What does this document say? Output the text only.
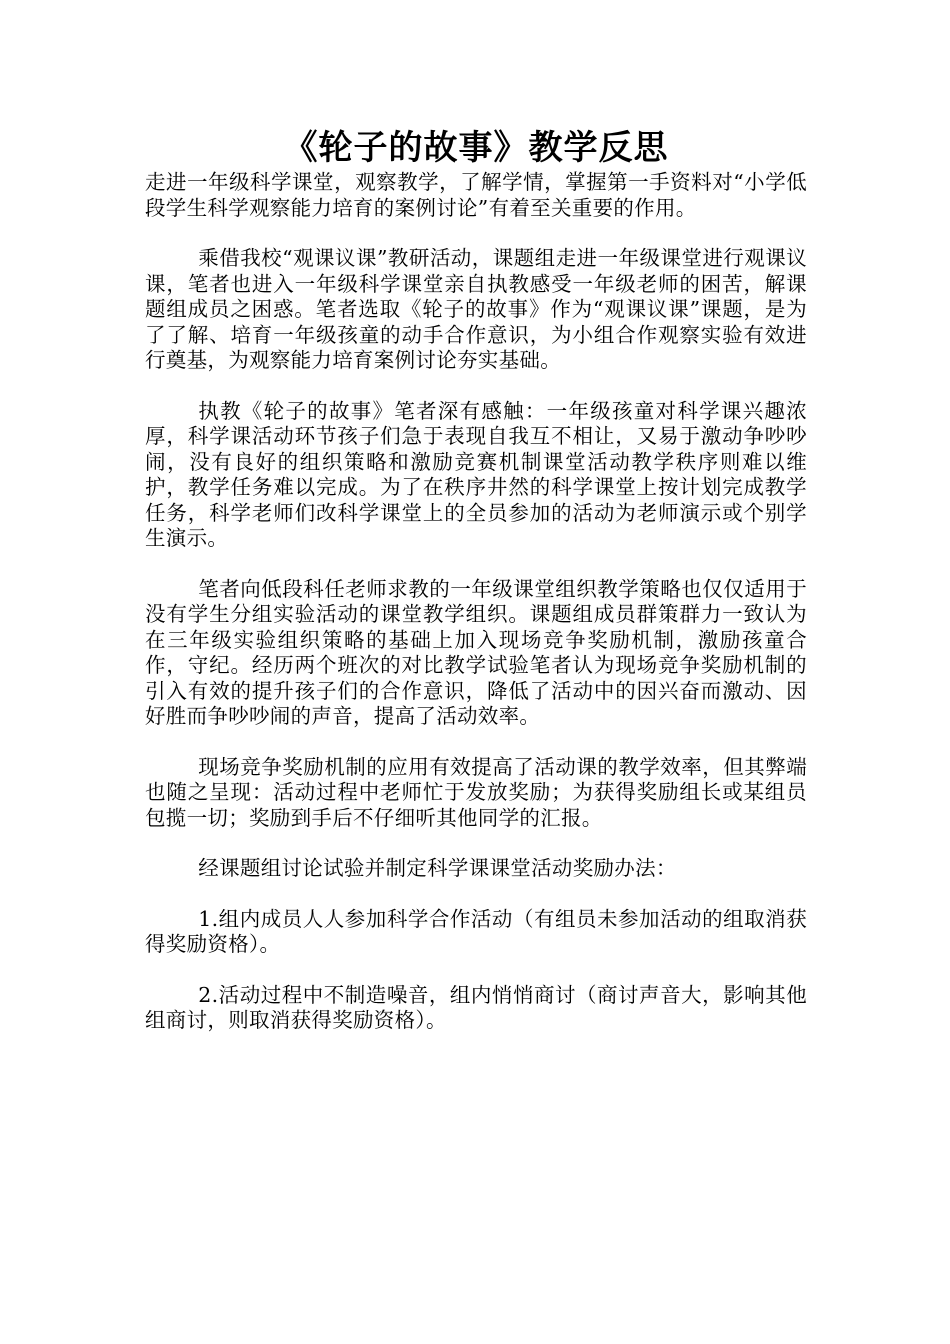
《轮子的故事》教学反思

走进一年级科学课堂，观察教学，了解学情，掌握第一手资料对“小学低段学生科学观察能力培育的案例讨论”有着至关重要的作用。

乘借我校“观课议课”教研活动，课题组走进一年级课堂进行观课议课，笔者也进入一年级科学课堂亲自执教感受一年级老师的困苦，解课题组成员之困惑。笔者选取《轮子的故事》作为“观课议课”课题，是为了了解、培育一年级孩童的动手合作意识，为小组合作观察实验有效进行奠基，为观察能力培育案例讨论夯实基础。

执教《轮子的故事》笔者深有感触：一年级孩童对科学课兴趣浓厚，科学课活动环节孩子们急于表现自我互不相让，又易于激动争吵吵闹，没有良好的组织策略和激励竞赛机制课堂活动教学秩序则难以维护，教学任务难以完成。为了在秩序井然的科学课堂上按计划完成教学任务，科学老师们改科学课堂上的全员参加的活动为老师演示或个别学生演示。

笔者向低段科任老师求教的一年级课堂组织教学策略也仅仅适用于没有学生分组实验活动的课堂教学组织。课题组成员群策群力一致认为在三年级实验组织策略的基础上加入现场竞争奖励机制，激励孩童合作，守纪。经历两个班次的对比教学试验笔者认为现场竞争奖励机制的引入有效的提升孩子们的合作意识，降低了活动中的因兴奋而激动、因好胜而争吵吵闹的声音，提高了活动效率。

现场竞争奖励机制的应用有效提高了活动课的教学效率，但其弊端也随之呈现：活动过程中老师忙于发放奖励；为获得奖励组长或某组员包揽一切；奖励到手后不仔细听其他同学的汇报。

经课题组讨论试验并制定科学课课堂活动奖励办法：

1.组内成员人人参加科学合作活动（有组员未参加活动的组取消获得奖励资格）。

2.活动过程中不制造噪音，组内悄悄商讨（商讨声音大，影响其他组商讨，则取消获得奖励资格）。
